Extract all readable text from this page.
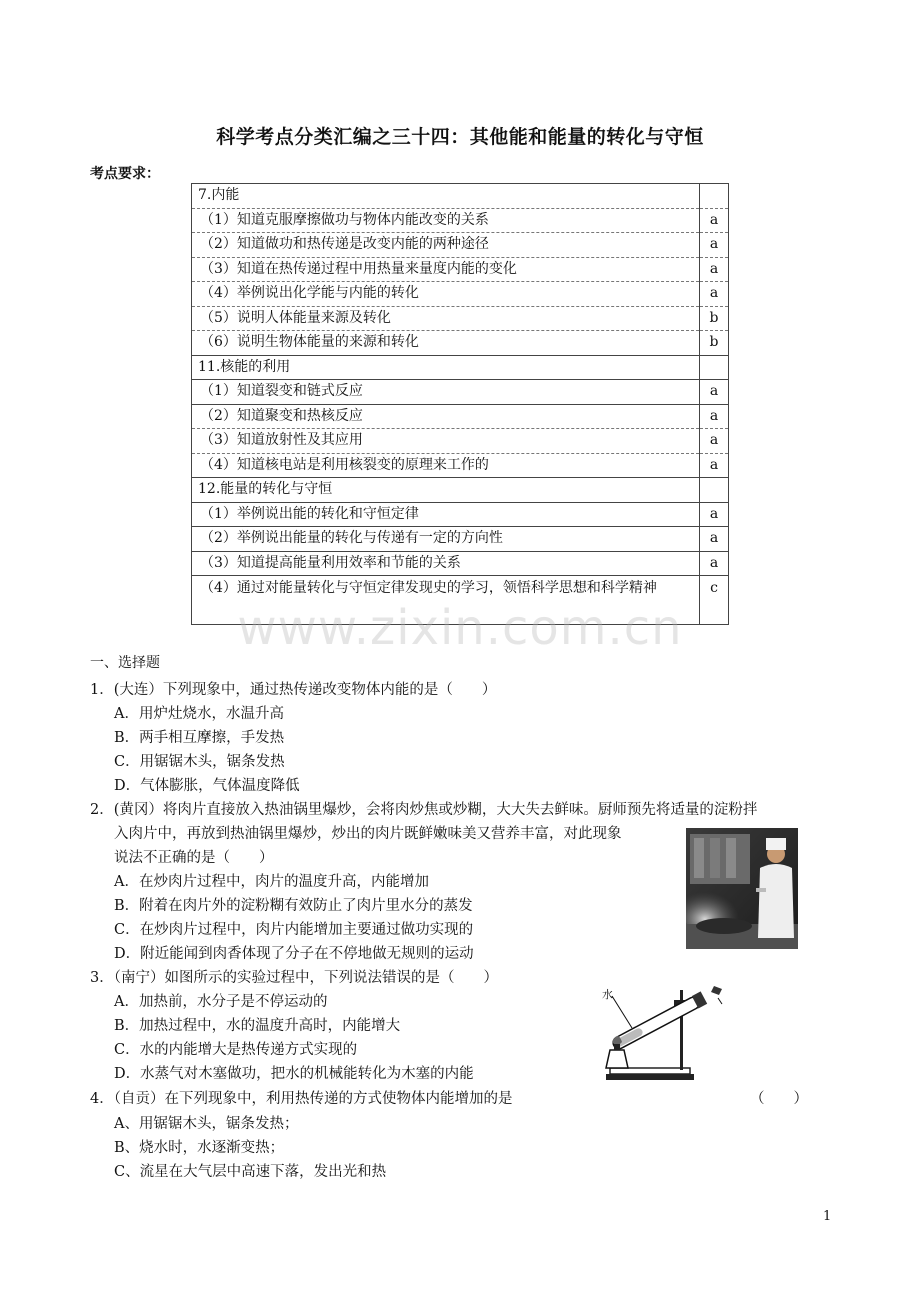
科学考点分类汇编之三十四：其他能和能量的转化与守恒
考点要求：
7.内能	
（1）知道克服摩擦做功与物体内能改变的关系	a
（2）知道做功和热传递是改变内能的两种途径	a
（3）知道在热传递过程中用热量来量度内能的变化	a
（4）举例说出化学能与内能的转化	a
（5）说明人体能量来源及转化	b
（6）说明生物体能量的来源和转化	b
11.核能的利用	
（1）知道裂变和链式反应	a
（2）知道聚变和热核反应	a
（3）知道放射性及其应用	a
（4）知道核电站是利用核裂变的原理来工作的	a
12.能量的转化与守恒	
（1）举例说出能的转化和守恒定律	a
（2）举例说出能量的转化与传递有一定的方向性	a
（3）知道提高能量利用效率和节能的关系	a
（4）通过对能量转化与守恒定律发现史的学习，领悟科学思想和科学精神	c
www.zixin.com.cn
一、选择题
1．(大连）下列现象中，通过热传递改变物体内能的是（　　）
A．用炉灶烧水，水温升高
B．两手相互摩擦，手发热
C．用锯锯木头，锯条发热
D．气体膨胀，气体温度降低
2．(黄冈）将肉片直接放入热油锅里爆炒，会将肉炒焦或炒糊，大大失去鲜味。厨师预先将适量的淀粉拌
入肉片中，再放到热油锅里爆炒，炒出的肉片既鲜嫩味美又营养丰富，对此现象
说法不正确的是（　　）
A．在炒肉片过程中，肉片的温度升高，内能增加
B．附着在肉片外的淀粉糊有效防止了肉片里水分的蒸发
C．在炒肉片过程中，肉片内能增加主要通过做功实现的
D．附近能闻到肉香体现了分子在不停地做无规则的运动
3．（南宁）如图所示的实验过程中，下列说法错误的是（　　）
A．加热前，水分子是不停运动的
B．加热过程中，水的温度升高时，内能增大
C．水的内能增大是热传递方式实现的
D．水蒸气对木塞做功，把水的机械能转化为木塞的内能
水
4．（自贡）在下列现象中，利用热传递的方式使物体内能增加的是	（　　）
A、用锯锯木头，锯条发热；
B、烧水时，水逐渐变热；
C、流星在大气层中高速下落，发出光和热
1
